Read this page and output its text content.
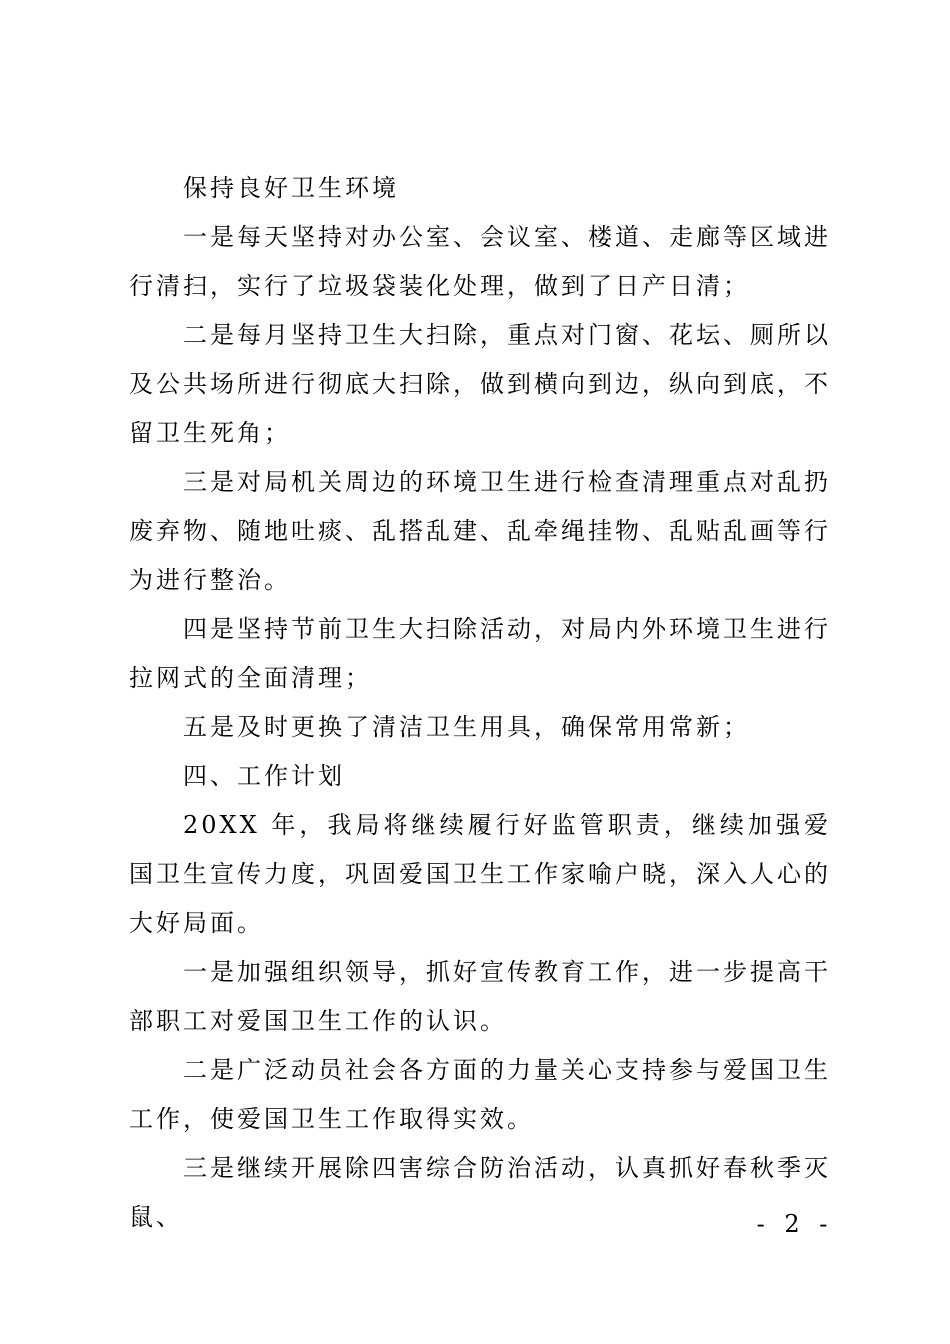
保持良好卫生环境

一是每天坚持对办公室、会议室、楼道、走廊等区域进行清扫，实行了垃圾袋装化处理，做到了日产日清；

二是每月坚持卫生大扫除，重点对门窗、花坛、厕所以及公共场所进行彻底大扫除，做到横向到边，纵向到底，不留卫生死角；

三是对局机关周边的环境卫生进行检查清理重点对乱扔废弃物、随地吐痰、乱搭乱建、乱牵绳挂物、乱贴乱画等行为进行整治。

四是坚持节前卫生大扫除活动，对局内外环境卫生进行拉网式的全面清理；

五是及时更换了清洁卫生用具，确保常用常新；

四、工作计划

20XX 年，我局将继续履行好监管职责，继续加强爱国卫生宣传力度，巩固爱国卫生工作家喻户晓，深入人心的大好局面。

一是加强组织领导，抓好宣传教育工作，进一步提高干部职工对爱国卫生工作的认识。

二是广泛动员社会各方面的力量关心支持参与爱国卫生工作，使爱国卫生工作取得实效。

三是继续开展除四害综合防治活动，认真抓好春秋季灭鼠、	- 2 -
